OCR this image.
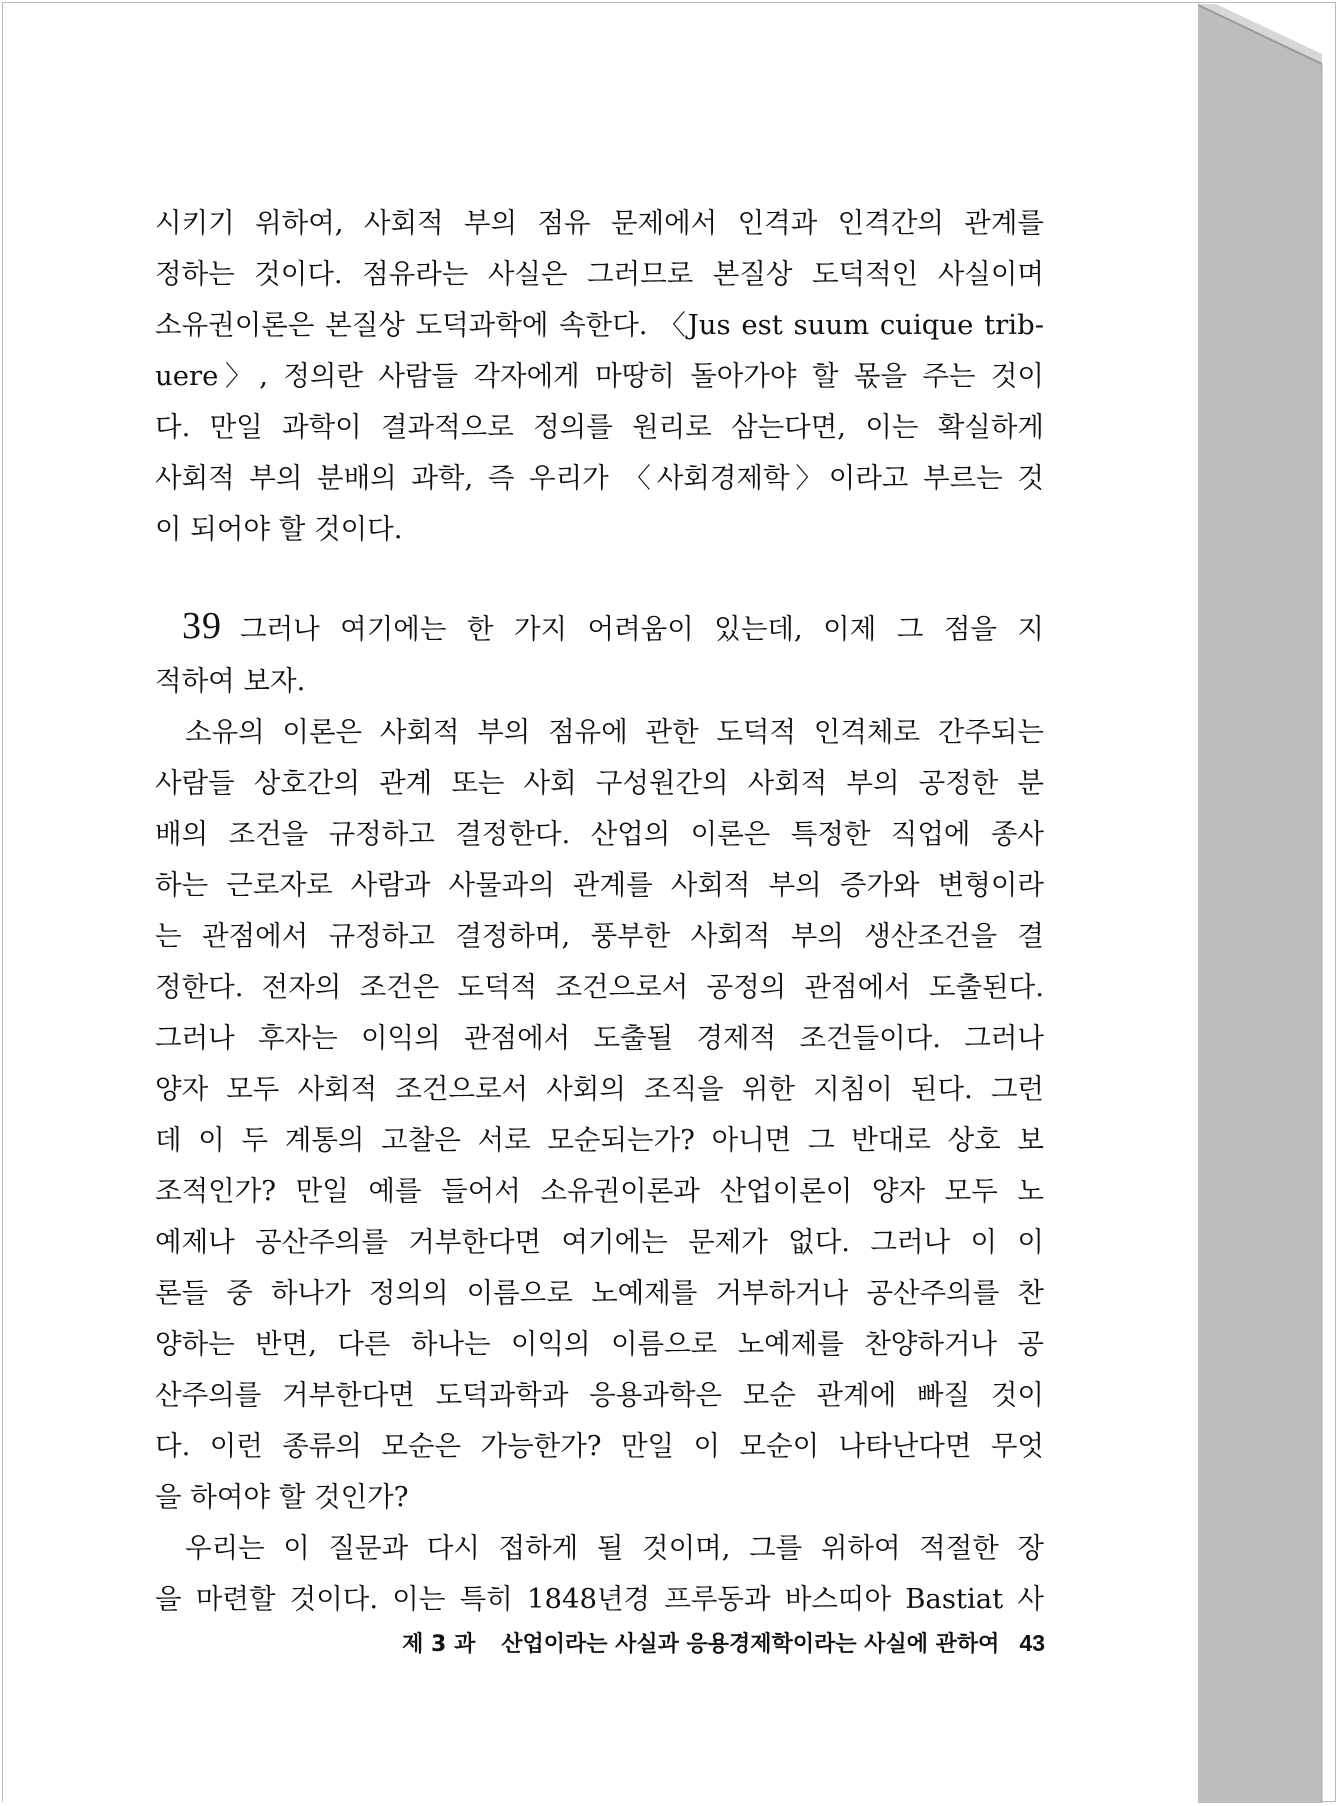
시키기 위하여, 사회적 부의 점유 문제에서 인격과 인격간의 관계를
정하는 것이다. 점유라는 사실은 그러므로 본질상 도덕적인 사실이며
소유권이론은 본질상 도덕과학에 속한다. 〈Jus est suum cuique trib-
uere〉, 정의란 사람들 각자에게 마땅히 돌아가야 할 몫을 주는 것이
다. 만일 과학이 결과적으로 정의를 원리로 삼는다면, 이는 확실하게
사회적 부의 분배의 과학, 즉 우리가 〈사회경제학〉이라고 부르는 것
이 되어야 할 것이다.
39 그러나 여기에는 한 가지 어려움이 있는데, 이제 그 점을 지
적하여 보자.
소유의 이론은 사회적 부의 점유에 관한 도덕적 인격체로 간주되는
사람들 상호간의 관계 또는 사회 구성원간의 사회적 부의 공정한 분
배의 조건을 규정하고 결정한다. 산업의 이론은 특정한 직업에 종사
하는 근로자로 사람과 사물과의 관계를 사회적 부의 증가와 변형이라
는 관점에서 규정하고 결정하며, 풍부한 사회적 부의 생산조건을 결
정한다. 전자의 조건은 도덕적 조건으로서 공정의 관점에서 도출된다.
그러나 후자는 이익의 관점에서 도출될 경제적 조건들이다. 그러나
양자 모두 사회적 조건으로서 사회의 조직을 위한 지침이 된다. 그런
데 이 두 계통의 고찰은 서로 모순되는가? 아니면 그 반대로 상호 보
조적인가? 만일 예를 들어서 소유권이론과 산업이론이 양자 모두 노
예제나 공산주의를 거부한다면 여기에는 문제가 없다. 그러나 이 이
론들 중 하나가 정의의 이름으로 노예제를 거부하거나 공산주의를 찬
양하는 반면, 다른 하나는 이익의 이름으로 노예제를 찬양하거나 공
산주의를 거부한다면 도덕과학과 응용과학은 모순 관계에 빠질 것이
다. 이런 종류의 모순은 가능한가? 만일 이 모순이 나타난다면 무엇
을 하여야 할 것인가?
우리는 이 질문과 다시 접하게 될 것이며, 그를 위하여 적절한 장
을 마련할 것이다. 이는 특히 1848년경 프루동과 바스띠아 Bastiat 사
제 3 과 산업이라는 사실과 응용경제학이라는 사실에 관하여 43
